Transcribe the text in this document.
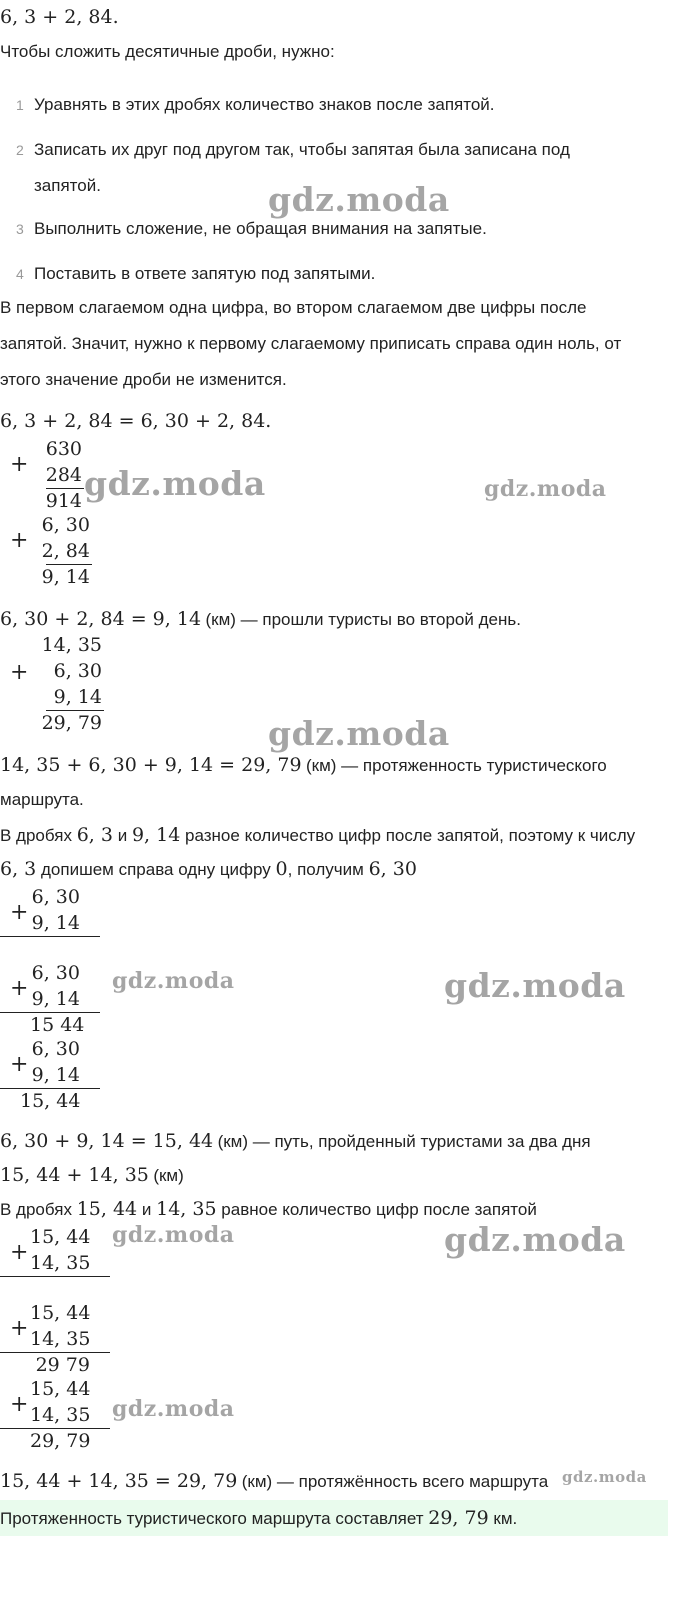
6, 3 + 2, 84.
Чтобы сложить десятичные дроби, нужно:
1 Уравнять в этих дробях количество знаков после запятой.
2 Записать их друг под другом так, чтобы запятая была записана под
запятой.
3 Выполнить сложение, не обращая внимания на запятые.
4 Поставить в ответе запятую под запятыми.
В первом слагаемом одна цифра, во втором слагаемом две цифры после
запятой. Значит, нужно к первому слагаемому приписать справа один ноль, от
этого значение дроби не изменится.
6, 3 + 2, 84 = 6, 30 + 2, 84.
+
630
284
914
+
6, 30
2, 84
9, 14
6, 30 + 2, 84 = 9, 14 (км) — прошли туристы во второй день.
+
14, 35
6, 30
9, 14
29, 79
14, 35 + 6, 30 + 9, 14 = 29, 79 (км) — протяженность туристического
маршрута.
В дробях 6, 3 и 9, 14 разное количество цифр после запятой, поэтому к числу
6, 3 допишем справа одну цифру 0, получим 6, 30
+
6, 30
9, 14
+
6, 30
9, 14
15 44
+
6, 30
9, 14
15, 44
6, 30 + 9, 14 = 15, 44 (км) — путь, пройденный туристами за два дня
15, 44 + 14, 35 (км)
В дробях 15, 44 и 14, 35 равное количество цифр после запятой
+
15, 44
14, 35
+
15, 44
14, 35
29 79
+
15, 44
14, 35
29, 79
15, 44 + 14, 35 = 29, 79 (км) — протяжённость всего маршрута
Протяженность туристического маршрута составляет 29, 79 км.
gdz.moda
gdz.moda	gdz.moda
gdz.moda
gdz.moda	gdz.moda
gdz.moda	gdz.moda
gdz.moda
gdz.moda
